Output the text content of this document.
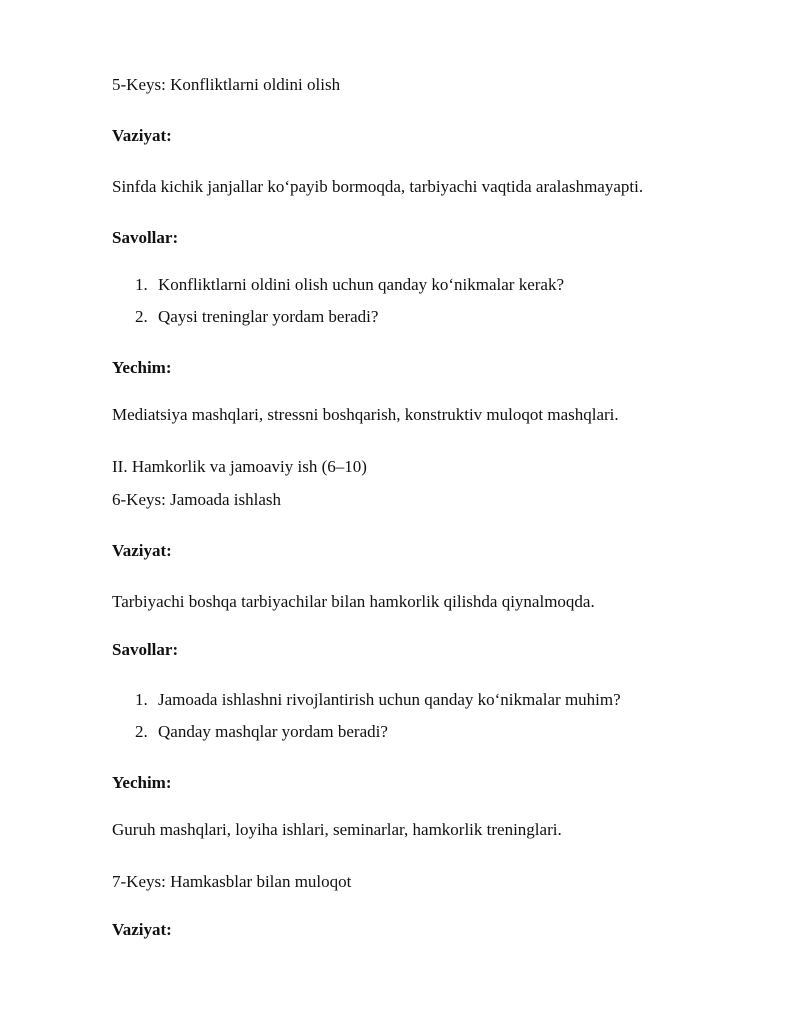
5-Keys: Konfliktlarni oldini olish
Vaziyat:
Sinfda kichik janjallar ko‘payib bormoqda, tarbiyachi vaqtida aralashmayapti.
Savollar:
1. Konfliktlarni oldini olish uchun qanday ko‘nikmalar kerak?
2. Qaysi treninglar yordam beradi?
Yechim:
Mediatsiya mashqlari, stressni boshqarish, konstruktiv muloqot mashqlari.
II. Hamkorlik va jamoaviy ish (6–10)
6-Keys: Jamoada ishlash
Vaziyat:
Tarbiyachi boshqa tarbiyachilar bilan hamkorlik qilishda qiynalmoqda.
Savollar:
1. Jamoada ishlashni rivojlantirish uchun qanday ko‘nikmalar muhim?
2. Qanday mashqlar yordam beradi?
Yechim:
Guruh mashqlari, loyiha ishlari, seminarlar, hamkorlik treninglari.
7-Keys: Hamkasblar bilan muloqot
Vaziyat:
